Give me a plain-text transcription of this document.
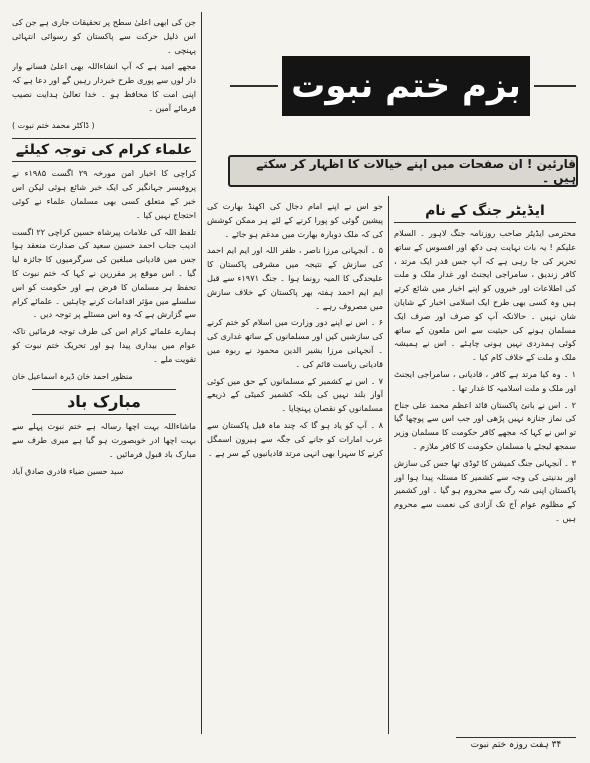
بزم ختم نبوت
قارئین ! ان صفحات میں اپنے خیالات کا اظہار کر سکتے ہیں ۔

جن کی ابھی اعلیٰ سطح پر تحقیقات جاری ہے جن کی اس ذلیل حرکت سے پاکستان کو رسوائی انتہائی پہنچی ۔

مجھے امید ہے کہ آپ انشاءاللہ بھی اعلیٰ فسانے وار دار لوں سے پوری طرح خبردار رہیں گے اور دعا ہے کہ اپنی امت کا محافظ ہو ۔ خدا تعالیٰ ہدایت نصیب فرمائے آمین ۔

( ڈاکٹر محمد ختم نبوت )
علماء کرام کی توجہ کیلئے

کراچی کا اخبار امن مورخہ ۲۹ اگست ۱۹۸۵ء نے پروفیسر جہانگیر کی ایک خبر شائع ہوئی لیکن اس خبر کے متعلق کسی بھی مسلمان علماء نے کوئی احتجاج نہیں کیا ۔

تلفظ اللہ کی علامات پیرشاہ حسین کراچی ۲۲ اگست ادیب جناب احمد حسین سعید کی صدارت منعقد ہوا جس میں قادیانی مبلغین کی سرگرمیوں کا جائزہ لیا گیا ۔ اس موقع پر مقررین نے کہا کہ ختم نبوت کا تحفظ ہر مسلمان کا فرض ہے اور حکومت کو اس سلسلے میں مؤثر اقدامات کرنے چاہئیں ۔ علمائے کرام سے گزارش ہے کہ وہ اس مسئلے پر توجہ دیں ۔

ہمارے علمائے کرام اس کی طرف توجہ فرمائیں تاکہ عوام میں بیداری پیدا ہو اور تحریک ختم نبوت کو تقویت ملے ۔

منظور احمد خان ڈیرہ اسماعیل خان
مبارک باد

ماشاءاللہ بہت اچھا رسالہ ہے ختم نبوت پہلے سے بہت اچھا ادر خوبصورت ہو گیا ہے میری طرف سے مبارک باد قبول فرمائیں ۔

سید حسین ضیاء قادری صادق آباد

جو اس نے اپنے امام دجال کی اکھنڈ بھارت کی پیشین گوئی کو پورا کرنے کے لئے ہر ممکن کوشش کی کہ ملک دوبارہ بھارت میں مدغم ہو جائے ۔

۵ ۔ آنجہانی مرزا ناصر ، ظفر اللہ اور ایم ایم احمد کی سازش کے نتیجہ میں مشرقی پاکستان کا علیحدگی کا المیہ رونما ہوا ۔ جنگ ۱۹۷۱ء سے قبل ایم ایم احمد ہفتہ بھر پاکستان کے خلاف سازش میں مصروف رہے ۔

۶ ۔ اس نے اپنے دور وزارت میں اسلام کو ختم کرنے کی سازشیں کیں اور مسلمانوں کے ساتھ غداری کی ۔ آنجہانی مرزا بشیر الدین محمود نے ربوہ میں قادیانی ریاست قائم کی ۔

۷ ۔ اس نے کشمیر کے مسلمانوں کے حق میں کوئی آواز بلند نہیں کی بلکہ کشمیر کمیٹی کے ذریعے مسلمانوں کو نقصان پہنچایا ۔

۸ ۔ آپ کو یاد ہو گا کہ چند ماہ قبل پاکستان سے عرب امارات کو جانے کی جگہ سے ہیرون اسمگل کرنے کا سہرا بھی انہی مرتد قادیانیوں کے سر ہے ۔

ایڈیٹر جنگ کے نام

محترمی ایڈیٹر صاحب روزنامہ جنگ لاہور ۔ السلام علیکم ! یہ بات نہایت ہی دکھ اور افسوس کے ساتھ تحریر کی جا رہی ہے کہ آپ جس قدر ایک مرتد ، کافر زندیق ، سامراجی ایجنٹ اور غدار ملک و ملت کی اطلاعات اور خبروں کو اپنے اخبار میں شائع کرتے ہیں وہ کسی بھی طرح ایک اسلامی اخبار کے شایان شان نہیں ۔ حالانکہ آپ کو صرف اور صرف ایک مسلمان ہونے کی حیثیت سے اس ملعون کے ساتھ کوئی ہمدردی نہیں ہونی چاہئے ۔ اس نے ہمیشہ ملک و ملت کے خلاف کام کیا ۔

۱ ۔ وہ کیا مرتد ہے کافر ، قادیانی ، سامراجی ایجنٹ اور ملک و ملت اسلامیہ کا غدار تھا ۔

۲ ۔ اس نے بانیٔ پاکستان قائد اعظم محمد علی جناح کی نماز جنازہ نہیں پڑھی اور جب اس سے پوچھا گیا تو اس نے کہا کہ مجھے کافر حکومت کا مسلمان وزیر سمجھ لیجئے یا مسلمان حکومت کا کافر ملازم ۔

۳ ۔ آنجہانی جنگ کمیشن کا ٹوڈی تھا جس کی سازش اور بدنیتی کی وجہ سے کشمیر کا مسئلہ پیدا ہوا اور پاکستان اپنی شہ رگ سے محروم ہو گیا ۔ اور کشمیر کے مظلوم عوام آج تک آزادی کی نعمت سے محروم ہیں ۔

۳۴ ہفت روزہ ختم نبوت
